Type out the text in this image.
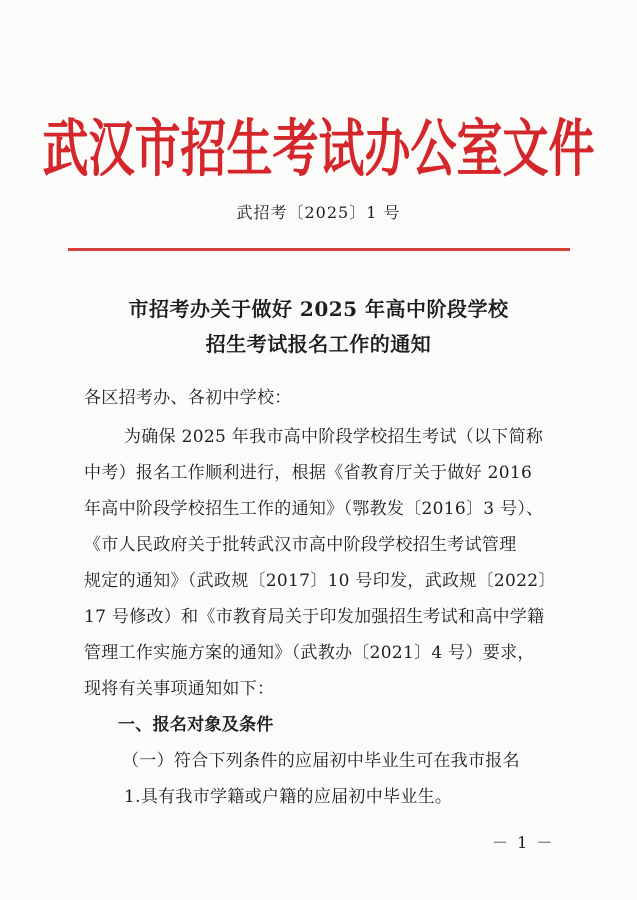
武汉市招生考试办公室文件
武招考〔2025〕1 号
市招考办关于做好 2025 年高中阶段学校
招生考试报名工作的通知
各区招考办、各初中学校：
为确保 2025 年我市高中阶段学校招生考试（以下简称
中考）报名工作顺利进行，根据《省教育厅关于做好 2016
年高中阶段学校招生工作的通知》（鄂教发〔2016〕3 号）、
《市人民政府关于批转武汉市高中阶段学校招生考试管理
规定的通知》（武政规〔2017〕10 号印发，武政规〔2022〕
17 号修改）和《市教育局关于印发加强招生考试和高中学籍
管理工作实施方案的通知》（武教办〔2021〕4 号）要求，
现将有关事项通知如下：
一、报名对象及条件
（一）符合下列条件的应届初中毕业生可在我市报名
1.具有我市学籍或户籍的应届初中毕业生。
－ 1 －
